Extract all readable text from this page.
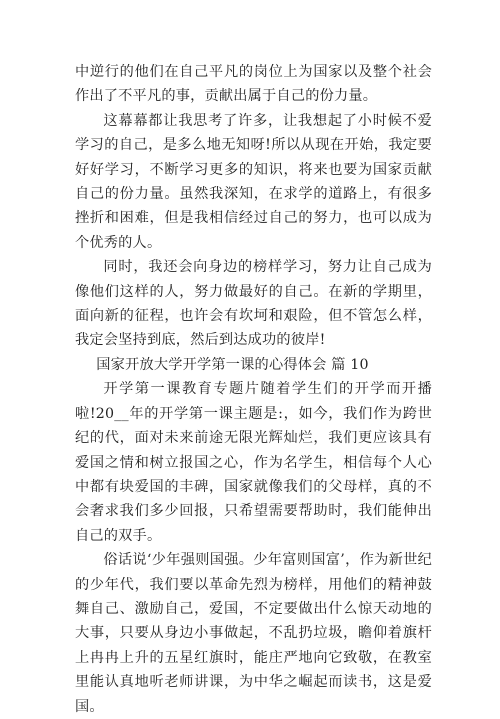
中逆行的他们在自己平凡的岗位上为国家以及整个社会作出了不平凡的事，贡献出属于自己的份力量。

这幕幕都让我思考了许多，让我想起了小时候不爱学习的自己，是多么地无知呀!所以从现在开始，我定要好好学习，不断学习更多的知识，将来也要为国家贡献自己的份力量。虽然我深知，在求学的道路上，有很多挫折和困难，但是我相信经过自己的努力，也可以成为个优秀的人。

同时，我还会向身边的榜样学习，努力让自己成为像他们这样的人，努力做最好的自己。在新的学期里，面向新的征程，也许会有坎坷和艰险，但不管怎么样，我定会坚持到底，然后到达成功的彼岸!

国家开放大学开学第一课的心得体会 篇 10

开学第一课教育专题片随着学生们的开学而开播啦!20__年的开学第一课主题是:，如今，我们作为跨世纪的代，面对未来前途无限光辉灿烂，我们更应该具有爱国之情和树立报国之心，作为名学生，相信每个人心中都有块爱国的丰碑，国家就像我们的父母样，真的不会奢求我们多少回报，只希望需要帮助时，我们能伸出自己的双手。

俗话说‘少年强则国强。少年富则国富’，作为新世纪的少年代，我们要以革命先烈为榜样，用他们的精神鼓舞自己、激励自己，爱国，不定要做出什么惊天动地的大事，只要从身边小事做起，不乱扔垃圾，瞻仰着旗杆上冉冉上升的五星红旗时，能庄严地向它致敬，在教室里能认真地听老师讲课，为中华之崛起而读书，这是爱国。
